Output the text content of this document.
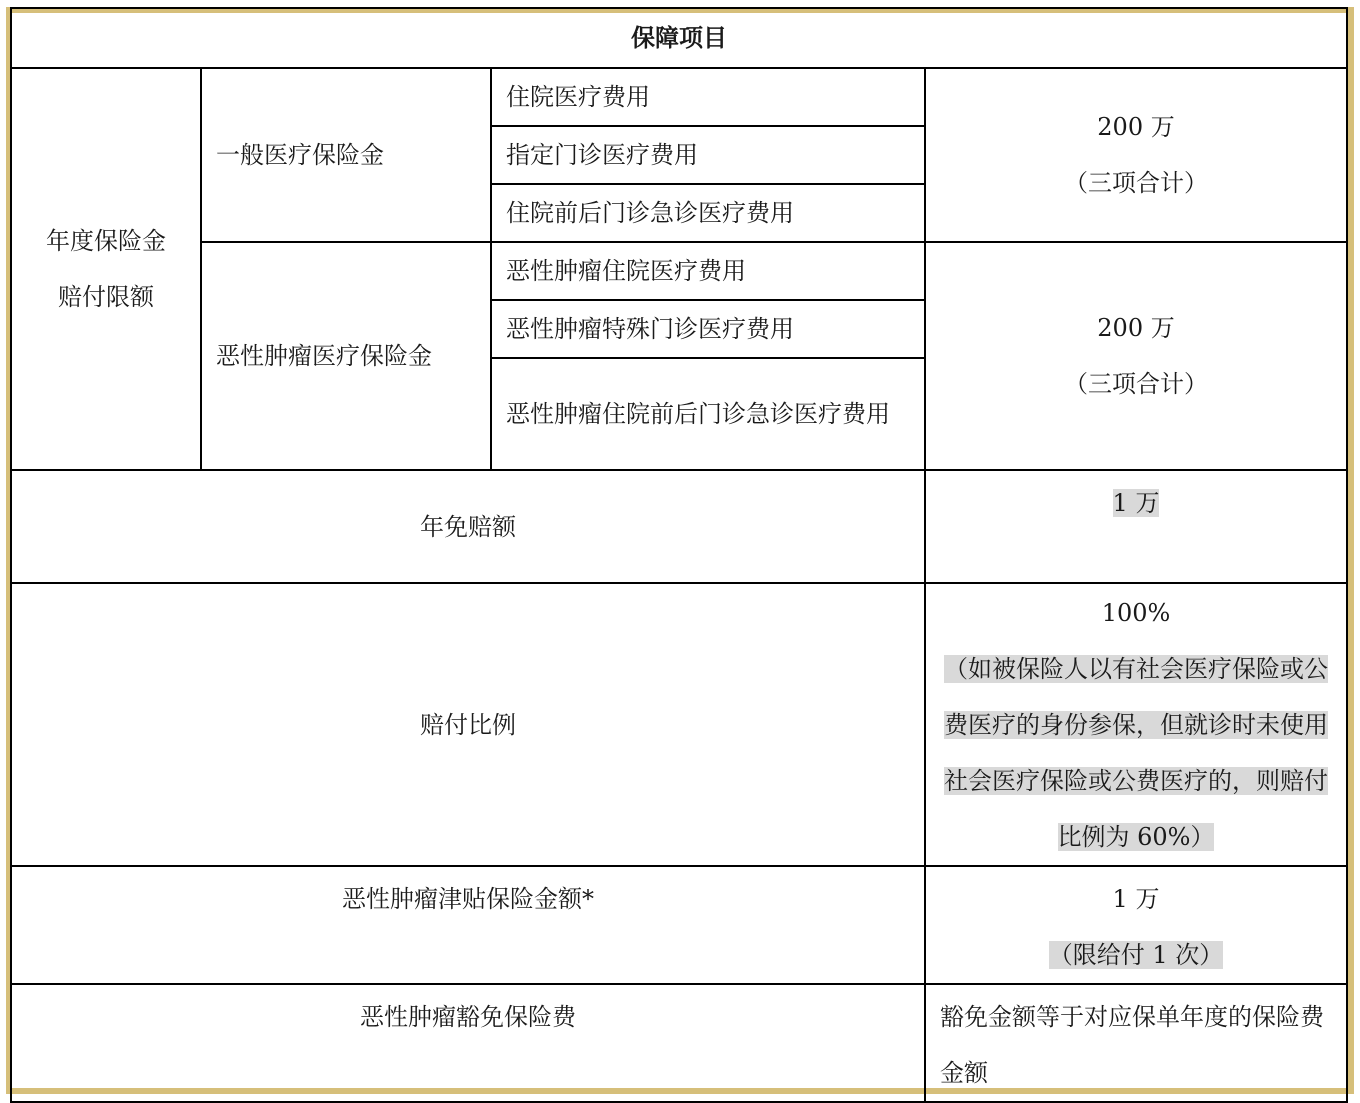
保障项目			
年度保险金
赔付限额	一般医疗保险金	住院医疗费用	200 万
（三项合计）
		指定门诊医疗费用	
		住院前后门诊急诊医疗费用	
	恶性肿瘤医疗保险金	恶性肿瘤住院医疗费用	200 万
（三项合计）
		恶性肿瘤特殊门诊医疗费用	
		恶性肿瘤住院前后门诊急诊医疗费用	
年免赔额			1 万
赔付比例			100%
（如被保险人以有社会医疗保险或公费医疗的身份参保，但就诊时未使用社会医疗保险或公费医疗的，则赔付比例为 60%）
恶性肿瘤津贴保险金额*			1 万
（限给付 1 次）
恶性肿瘤豁免保险费			豁免金额等于对应保单年度的保险费金额
